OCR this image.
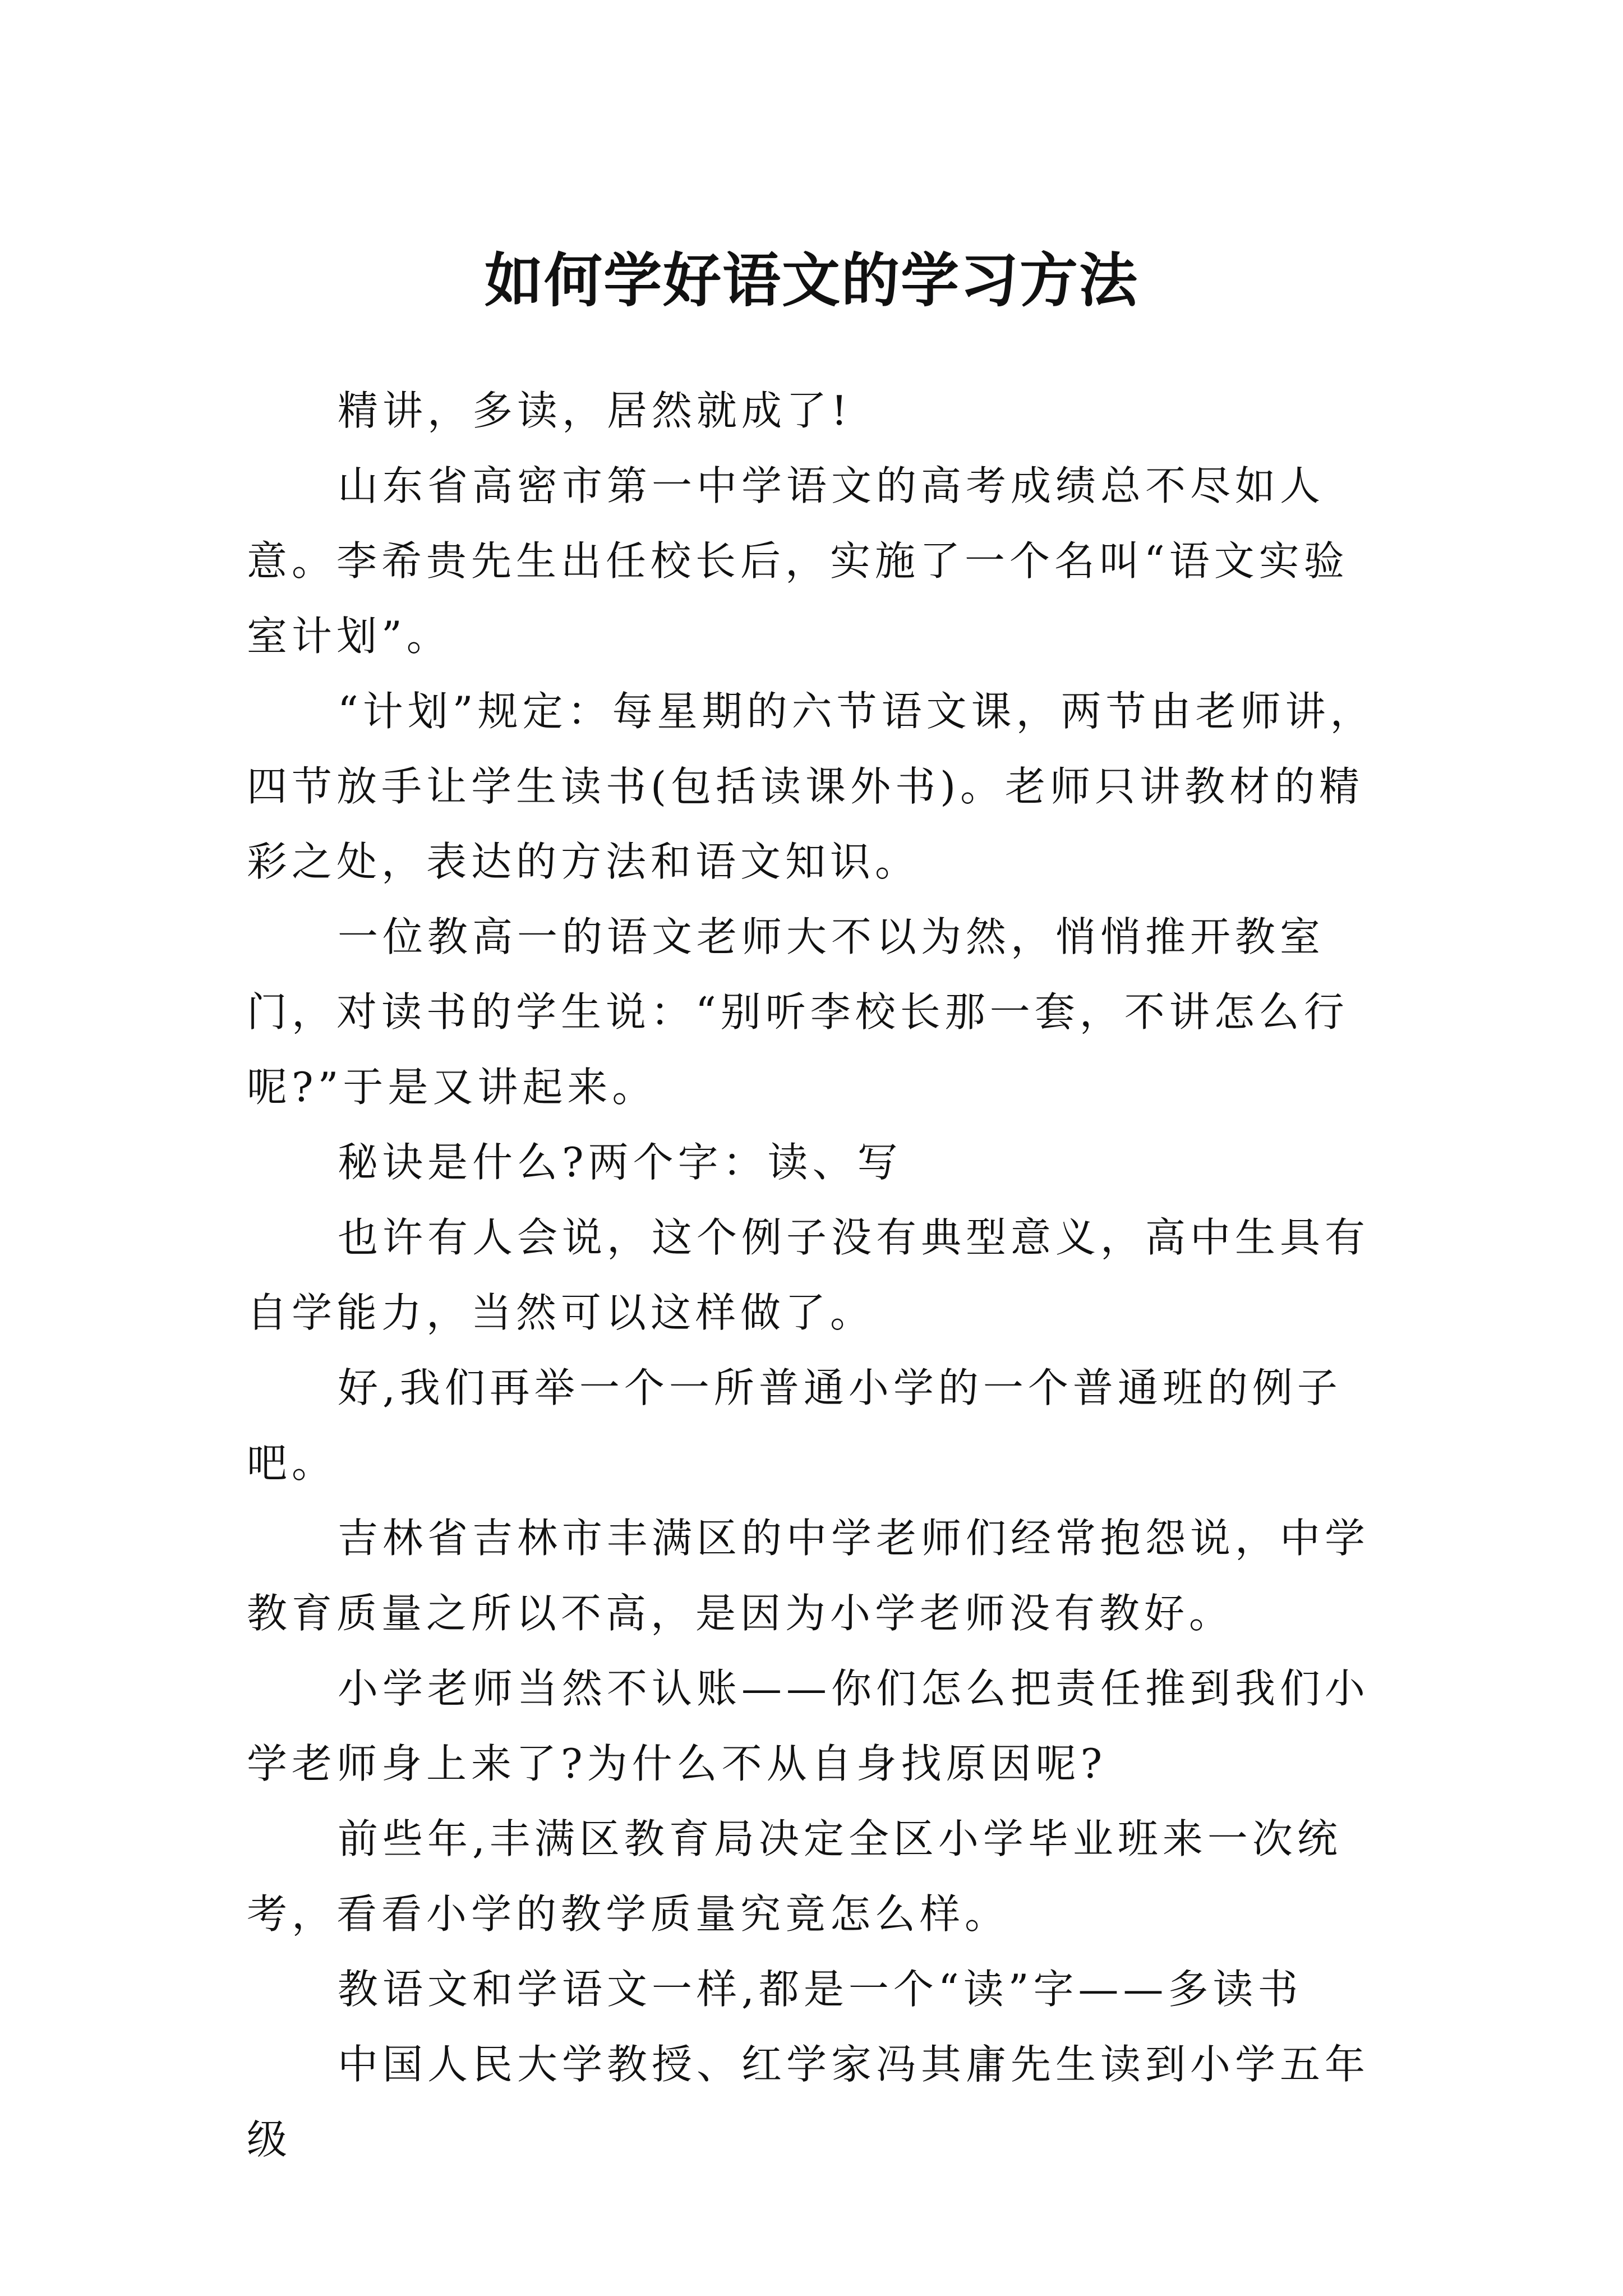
如何学好语文的学习方法

精讲，多读，居然就成了!

山东省高密市第一中学语文的高考成绩总不尽如人意。李希贵先生出任校长后，实施了一个名叫“语文实验室计划”。

“计划”规定：每星期的六节语文课，两节由老师讲，四节放手让学生读书(包括读课外书)。老师只讲教材的精彩之处，表达的方法和语文知识。

一位教高一的语文老师大不以为然，悄悄推开教室门，对读书的学生说：“别听李校长那一套，不讲怎么行呢?”于是又讲起来。

秘诀是什么?两个字：读、写

也许有人会说，这个例子没有典型意义，高中生具有自学能力，当然可以这样做了。

好,我们再举一个一所普通小学的一个普通班的例子吧。

吉林省吉林市丰满区的中学老师们经常抱怨说，中学教育质量之所以不高，是因为小学老师没有教好。

小学老师当然不认账——你们怎么把责任推到我们小学老师身上来了?为什么不从自身找原因呢?

前些年,丰满区教育局决定全区小学毕业班来一次统考，看看小学的教学质量究竟怎么样。

教语文和学语文一样,都是一个“读”字——多读书

中国人民大学教授、红学家冯其庸先生读到小学五年级
